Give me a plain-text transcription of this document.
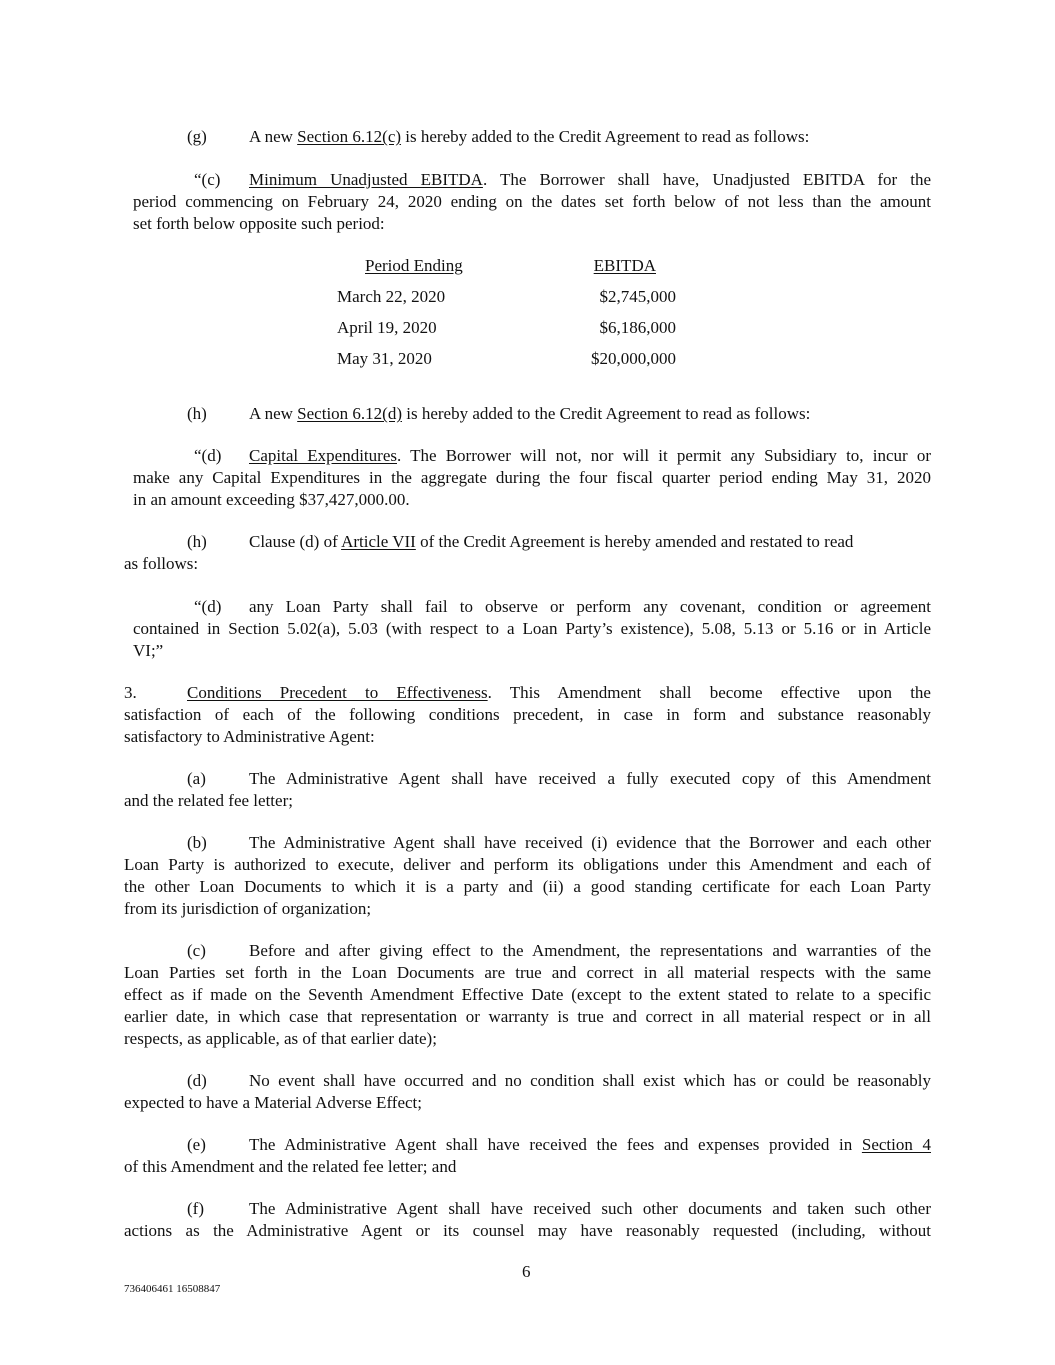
(g) A new Section 6.12(c) is hereby added to the Credit Agreement to read as follows:
“(c) Minimum Unadjusted EBITDA. The Borrower shall have, Unadjusted EBITDA for the
period commencing on February 24, 2020 ending on the dates set forth below of not less than the amount
set forth below opposite such period:
Period Ending	EBITDA
March 22, 2020	$2,745,000
April 19, 2020	$6,186,000
May 31, 2020	$20,000,000
(h) A new Section 6.12(d) is hereby added to the Credit Agreement to read as follows:
“(d) Capital Expenditures. The Borrower will not, nor will it permit any Subsidiary to, incur or
make any Capital Expenditures in the aggregate during the four fiscal quarter period ending May 31, 2020
in an amount exceeding $37,427,000.00.
(h) Clause (d) of Article VII of the Credit Agreement is hereby amended and restated to read
as follows:
“(d) any Loan Party shall fail to observe or perform any covenant, condition or agreement
contained in Section 5.02(a), 5.03 (with respect to a Loan Party’s existence), 5.08, 5.13 or 5.16 or in Article
VI;”
3.	Conditions Precedent to Effectiveness. This Amendment shall become effective upon the
satisfaction of each of the following conditions precedent, in case in form and substance reasonably
satisfactory to Administrative Agent:
(a)	The Administrative Agent shall have received a fully executed copy of this Amendment
and the related fee letter;
(b) The Administrative Agent shall have received (i) evidence that the Borrower and each other
Loan Party is authorized to execute, deliver and perform its obligations under this Amendment and each of
the other Loan Documents to which it is a party and (ii) a good standing certificate for each Loan Party
from its jurisdiction of organization;
(c)	Before and after giving effect to the Amendment, the representations and warranties of the
Loan Parties set forth in the Loan Documents are true and correct in all material respects with the same
effect as if made on the Seventh Amendment Effective Date (except to the extent stated to relate to a specific
earlier date, in which case that representation or warranty is true and correct in all material respect or in all
respects, as applicable, as of that earlier date);
(d) No event shall have occurred and no condition shall exist which has or could be reasonably
expected to have a Material Adverse Effect;
(e)	The Administrative Agent shall have received the fees and expenses provided in Section 4
of this Amendment and the related fee letter; and
(f)	The Administrative Agent shall have received such other documents and taken such other
actions as the Administrative Agent or its counsel may have reasonably requested (including, without
6
736406461 16508847
